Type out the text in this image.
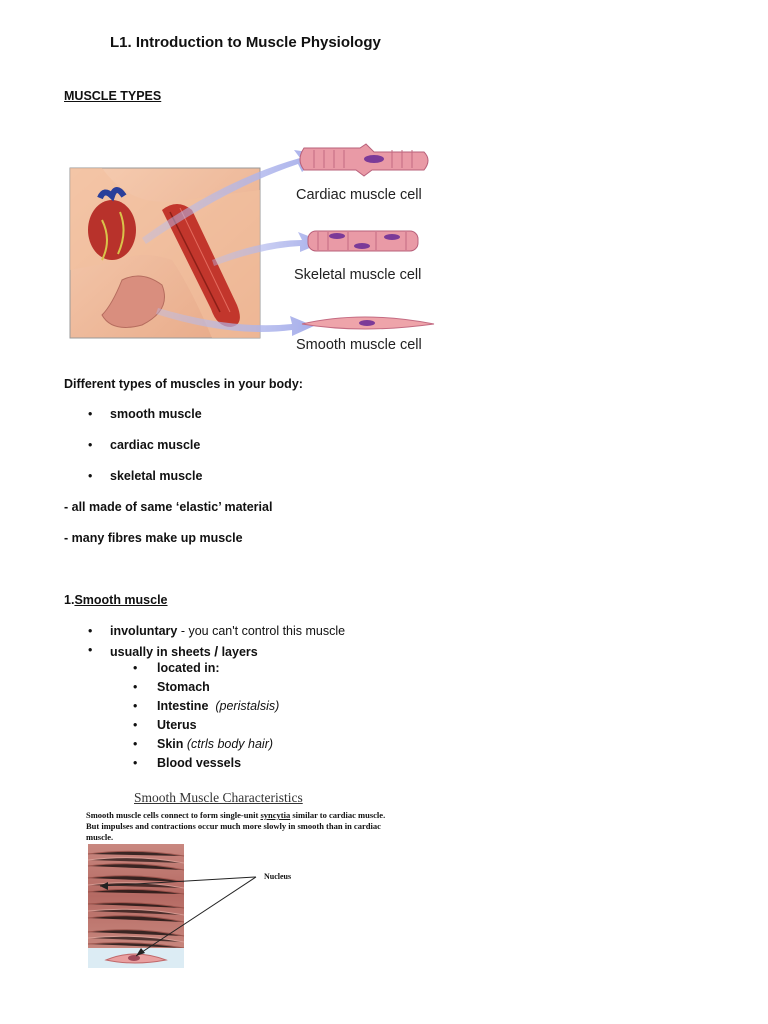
L1. Introduction to Muscle Physiology
MUSCLE TYPES
Cardiac muscle cell
Skeletal muscle cell
Smooth muscle cell
Different types of muscles in your body:
• smooth muscle
• cardiac muscle
• skeletal muscle
- all made of same ‘elastic’ material
- many fibres make up muscle
1.Smooth muscle
• involuntary - you can't control this muscle
• usually in sheets / layers
• located in:
• Stomach
• Intestine (peristalsis)
• Uterus
• Skin (ctrls body hair)
• Blood vessels
Smooth Muscle Characteristics
Smooth muscle cells connect to form single-unit syncytia similar to cardiac muscle. But impulses and contractions occur much more slowly in smooth than in cardiac muscle.
Nucleus
